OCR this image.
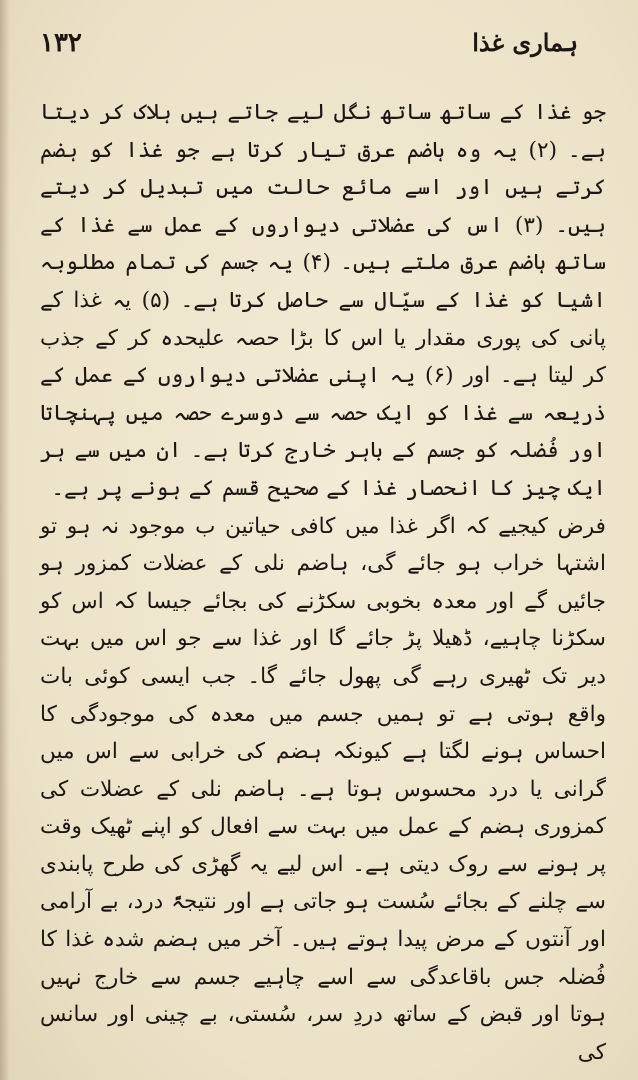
۱۳۲	ہماری غذا

جو غذا کے ساتھ ساتھ نگل لیے جاتے ہیں ہلاک کر دیتا ہے۔ (۲) یہ وہ ہاضم عرق تیار کرتا ہے جو غذا کو ہضم کرتے ہیں اور اسے مائع حالت میں تبدیل کر دیتے ہیں۔ (۳) اس کی عضلاتی دیواروں کے عمل سے غذا کے ساتھ ہاضم عرق ملتے ہیں۔ (۴) یہ جسم کی تمام مطلوبہ اشیا کو غذا کے سیّال سے حاصل کرتا ہے۔ (۵) یہ غذا کے پانی کی پوری مقدار یا اس کا بڑا حصہ علیحدہ کر کے جذب کر لیتا ہے۔ اور (۶) یہ اپنی عضلاتی دیواروں کے عمل کے ذریعہ سے غذا کو ایک حصہ سے دوسرے حصہ میں پہنچاتا اور فُضلہ کو جسم کے باہر خارج کرتا ہے۔ ان میں سے ہر ایک چیز کا انحصار غذا کے صحیح قسم کے ہونے پر ہے۔

فرض کیجیے کہ اگر غذا میں کافی حیاتین ب موجود نہ ہو تو اشتہا خراب ہو جائے گی، ہاضم نلی کے عضلات کمزور ہو جائیں گے اور معدہ بخوبی سکڑنے کی بجائے جیسا کہ اس کو سکڑنا چاہیے، ڈھیلا پڑ جائے گا اور غذا سے جو اس میں بہت دیر تک ٹھیری رہے گی پھول جائے گا۔ جب ایسی کوئی بات واقع ہوتی ہے تو ہمیں جسم میں معدہ کی موجودگی کا احساس ہونے لگتا ہے کیونکہ ہضم کی خرابی سے اس میں گرانی یا درد محسوس ہوتا ہے۔ ہاضم نلی کے عضلات کی کمزوری ہضم کے عمل میں بہت سے افعال کو اپنے ٹھیک وقت پر ہونے سے روک دیتی ہے۔ اس لیے یہ گھڑی کی طرح پابندی سے چلنے کے بجائے سُست ہو جاتی ہے اور نتیجۃً درد، بے آرامی اور آنتوں کے مرض پیدا ہوتے ہیں۔ آخر میں ہضم شدہ غذا کا فُضلہ جس باقاعدگی سے اسے چاہیے جسم سے خارج نہیں ہوتا اور قبض کے ساتھ دردِ سر، سُستی، بے چینی اور سانس کی
